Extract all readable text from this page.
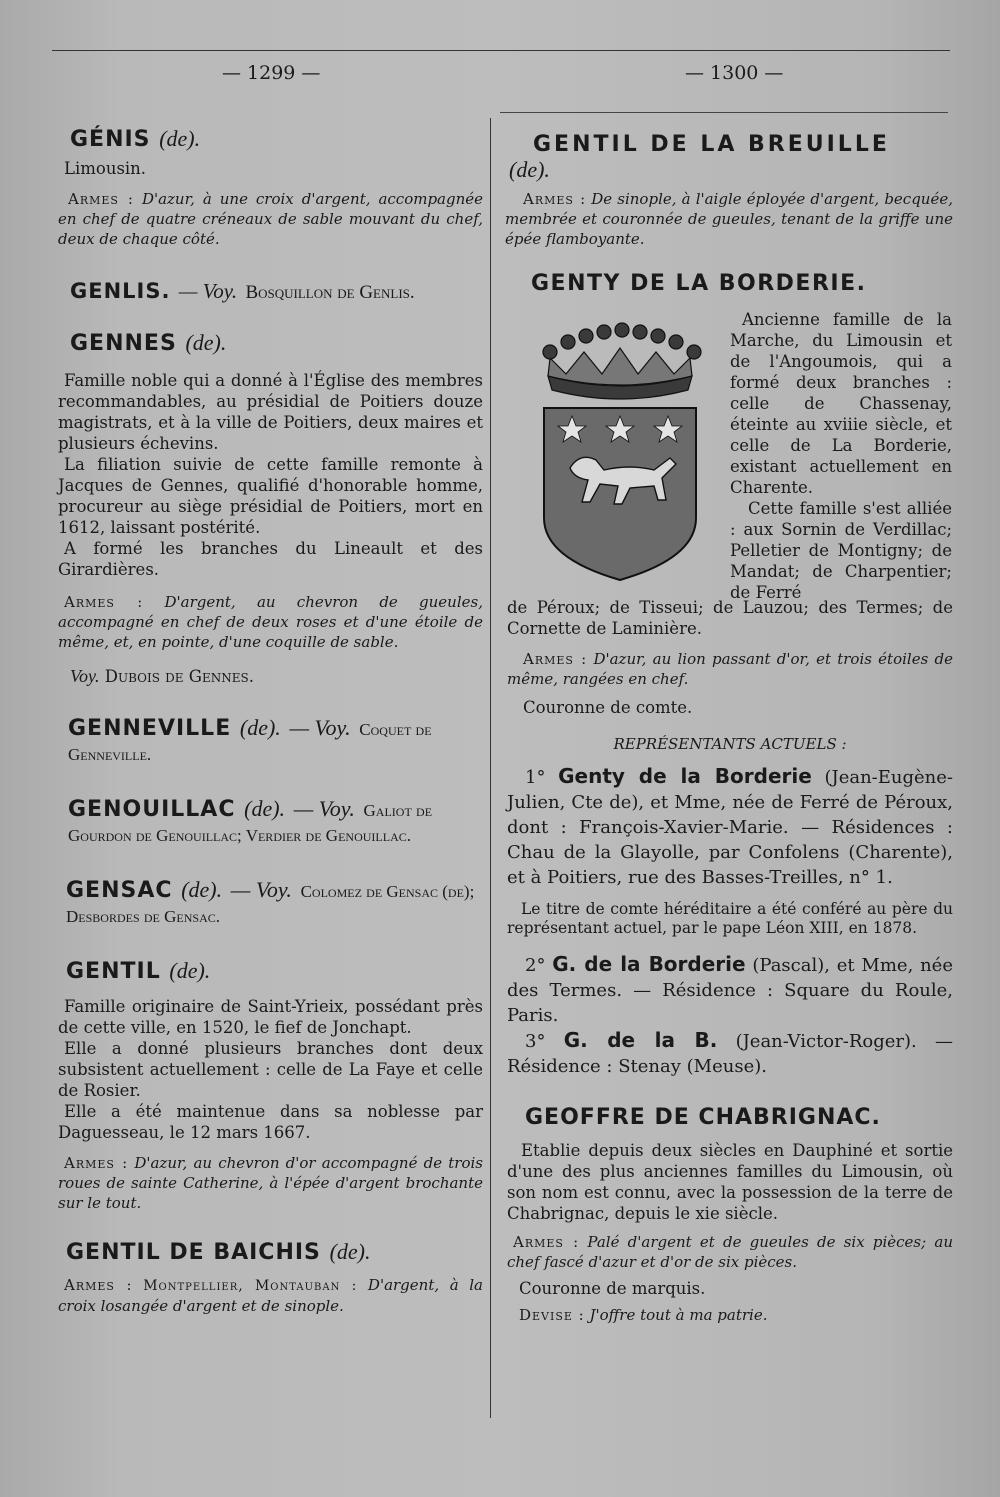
— 1299 —	— 1300 —

GÉNIS (de).

Limousin.

Armes : D'azur, à une croix d'argent, accompagnée en chef de quatre créneaux de sable mouvant du chef, deux de chaque côté.

GENLIS. — Voy. Bosquillon de Genlis.

GENNES (de).

Famille noble qui a donné à l'Église des membres recommandables, au présidial de Poitiers douze magistrats, et à la ville de Poitiers, deux maires et plusieurs échevins.

La filiation suivie de cette famille remonte à Jacques de Gennes, qualifié d'honorable homme, procureur au siège présidial de Poitiers, mort en 1612, laissant postérité.

A formé les branches du Lineault et des Girardières.

Armes : D'argent, au chevron de gueules, accompagné en chef de deux roses et d'une étoile de même, et, en pointe, d'une coquille de sable.

Voy. Dubois de Gennes.

GENNEVILLE (de). — Voy. Coquet de Genneville.

GENOUILLAC (de). — Voy. Galiot de Gourdon de Genouillac; Verdier de Genouillac.

GENSAC (de). — Voy. Colomez de Gensac (de); Desbordes de Gensac.

GENTIL (de).

Famille originaire de Saint-Yrieix, possédant près de cette ville, en 1520, le fief de Jonchapt.

Elle a donné plusieurs branches dont deux subsistent actuellement : celle de La Faye et celle de Rosier.

Elle a été maintenue dans sa noblesse par Daguesseau, le 12 mars 1667.

Armes : D'azur, au chevron d'or accompagné de trois roues de sainte Catherine, à l'épée d'argent brochante sur le tout.

GENTIL DE BAICHIS (de).

Armes : Montpellier, Montauban : D'argent, à la croix losangée d'argent et de sinople.

GENTIL DE LA BREUILLE

(de).

Armes : De sinople, à l'aigle éployée d'argent, becquée, membrée et couronnée de gueules, tenant de la griffe une épée flamboyante.

GENTY DE LA BORDERIE.

Ancienne famille de la Marche, du Limousin et de l'Angoumois, qui a formé deux branches : celle de Chassenay, éteinte au xviiie siècle, et celle de La Borderie, existant actuellement en Charente.

Cette famille s'est alliée : aux Sornin de Verdillac; Pelletier de Montigny; de Mandat; de Charpentier; de Ferré

de Péroux; de Tisseui; de Lauzou; des Termes; de Cornette de Laminière.

Armes : D'azur, au lion passant d'or, et trois étoiles de même, rangées en chef.

Couronne de comte.

REPRÉSENTANTS ACTUELS :

1° Genty de la Borderie (Jean-Eugène-Julien, Cte de), et Mme, née de Ferré de Péroux, dont : François-Xavier-Marie. — Résidences : Chau de la Glayolle, par Confolens (Charente), et à Poitiers, rue des Basses-Treilles, n° 1.

Le titre de comte héréditaire a été conféré au père du représentant actuel, par le pape Léon XIII, en 1878.

2° G. de la Borderie (Pascal), et Mme, née des Termes. — Résidence : Square du Roule, Paris.

3° G. de la B. (Jean-Victor-Roger). — Résidence : Stenay (Meuse).

GEOFFRE DE CHABRIGNAC.

Etablie depuis deux siècles en Dauphiné et sortie d'une des plus anciennes familles du Limousin, où son nom est connu, avec la possession de la terre de Chabrignac, depuis le xie siècle.

Armes : Palé d'argent et de gueules de six pièces; au chef fascé d'azur et d'or de six pièces.

Couronne de marquis.

Devise : J'offre tout à ma patrie.
